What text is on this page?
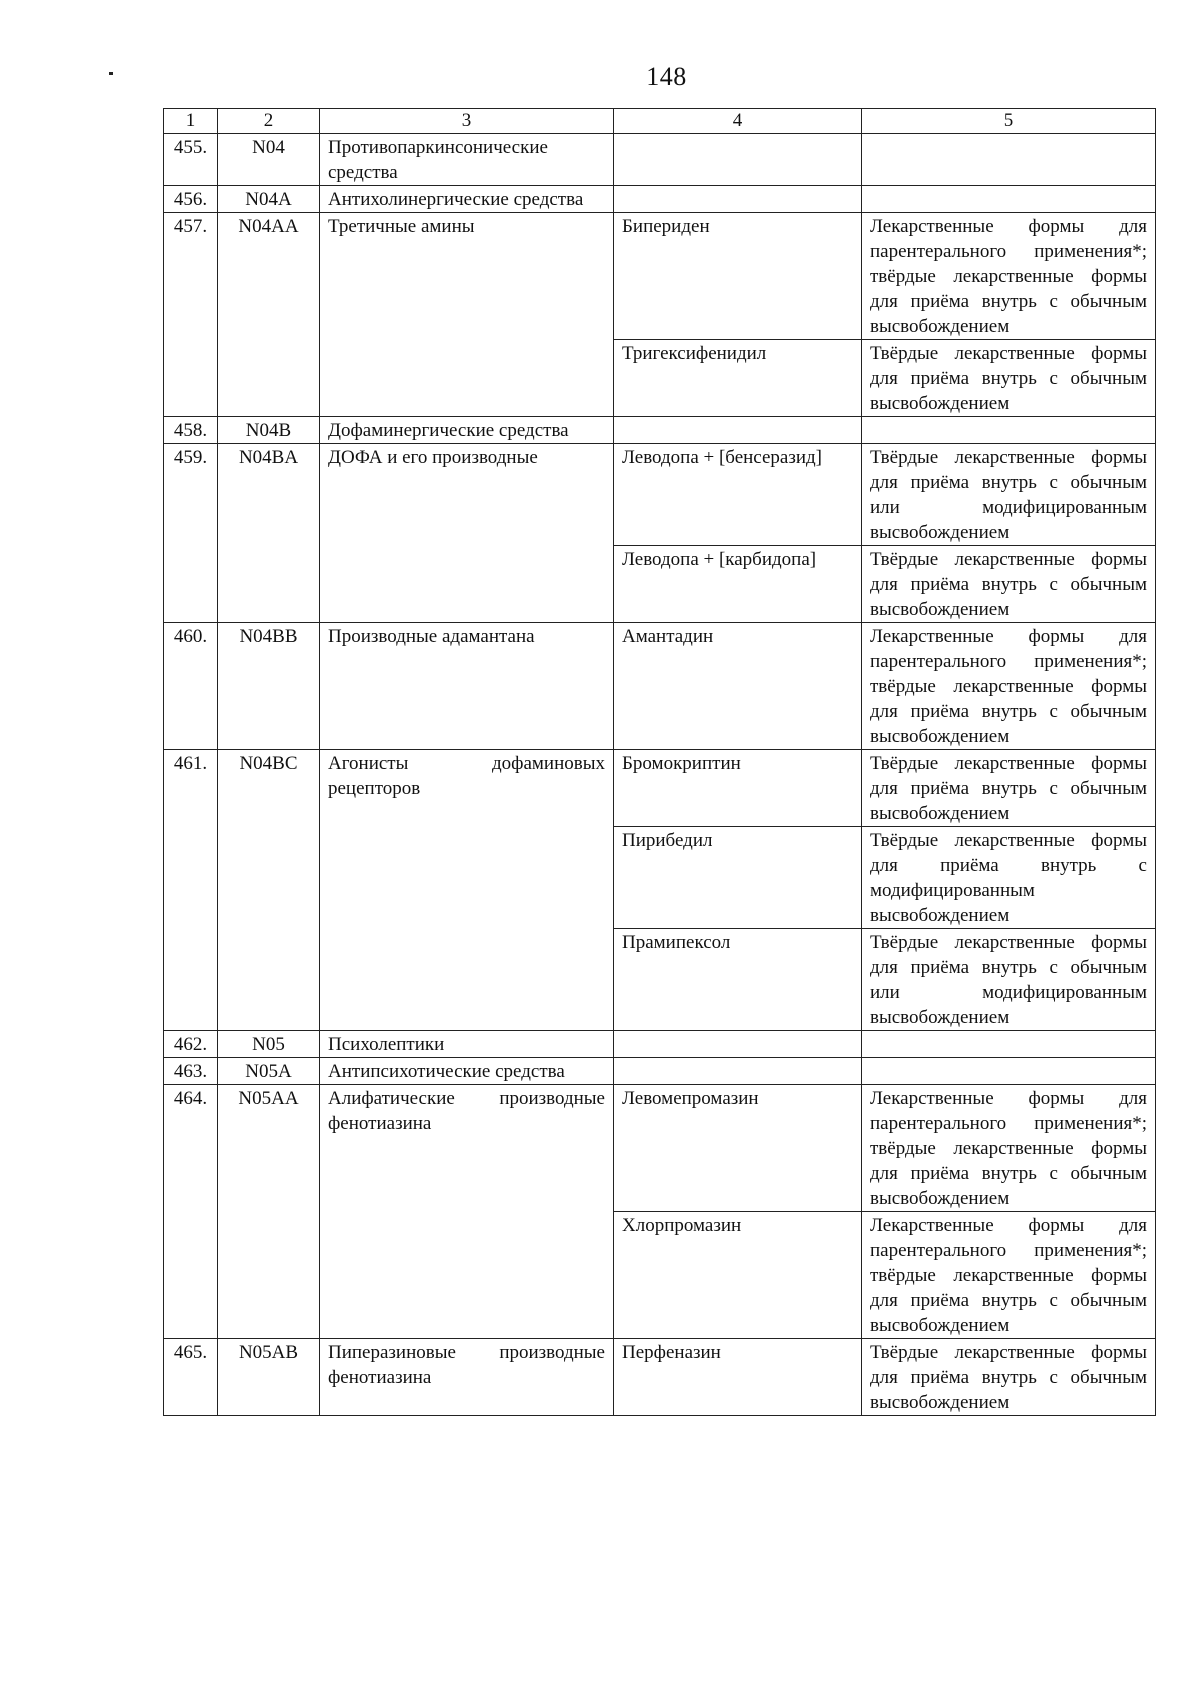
148
1	2	3	4	5
455.	N04	Противопаркинсонические средства		
456.	N04A	Антихолинергические средства		
457.	N04AA	Третичные амины	Бипериден	Лекарственные формы для парентерального применения*; твёрдые лекарственные формы для приёма внутрь с обычным высвобождением
			Тригексифенидил	Твёрдые лекарственные формы для приёма внутрь с обычным высвобождением
458.	N04B	Дофаминергические средства		
459.	N04BA	ДОФА и его производные	Леводопа + [бенсеразид]	Твёрдые лекарственные формы для приёма внутрь с обычным или модифицированным высвобождением
			Леводопа + [карбидопа]	Твёрдые лекарственные формы для приёма внутрь с обычным высвобождением
460.	N04BB	Производные адамантана	Амантадин	Лекарственные формы для парентерального применения*; твёрдые лекарственные формы для приёма внутрь с обычным высвобождением
461.	N04BC	Агонисты дофаминовых рецепторов	Бромокриптин	Твёрдые лекарственные формы для приёма внутрь с обычным высвобождением
			Пирибедил	Твёрдые лекарственные формы для приёма внутрь с модифицированным высвобождением
			Прамипексол	Твёрдые лекарственные формы для приёма внутрь с обычным или модифицированным высвобождением
462.	N05	Психолептики		
463.	N05A	Антипсихотические средства		
464.	N05AA	Алифатические производные фенотиазина	Левомепромазин	Лекарственные формы для парентерального применения*; твёрдые лекарственные формы для приёма внутрь с обычным высвобождением
			Хлорпромазин	Лекарственные формы для парентерального применения*; твёрдые лекарственные формы для приёма внутрь с обычным высвобождением
465.	N05AB	Пиперазиновые производные фенотиазина	Перфеназин	Твёрдые лекарственные формы для приёма внутрь с обычным высвобождением
